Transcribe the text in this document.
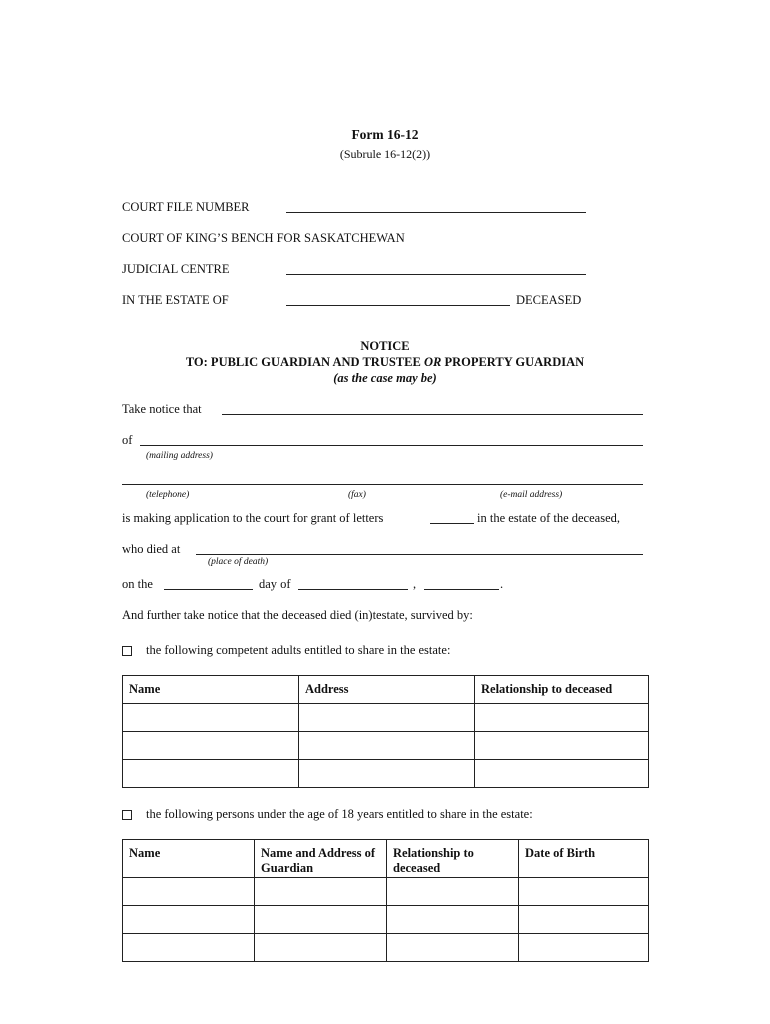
Form 16-12
(Subrule 16-12(2))
COURT FILE NUMBER
COURT OF KING’S BENCH FOR SASKATCHEWAN
JUDICIAL CENTRE
IN THE ESTATE OF	DECEASED
NOTICE
TO: PUBLIC GUARDIAN AND TRUSTEE OR PROPERTY GUARDIAN
(as the case may be)
Take notice that
of
(mailing address)
(telephone)	(fax)	(e-mail address)
is making application to the court for grant of letters	in the estate of the deceased,
who died at
(place of death)
on the	day of	,	.
And further take notice that the deceased died (in)testate, survived by:
the following competent adults entitled to share in the estate:
Name	Address	Relationship to deceased

the following persons under the age of 18 years entitled to share in the estate:
Name	Name and Address of Guardian	Relationship to deceased	Date of Birth
